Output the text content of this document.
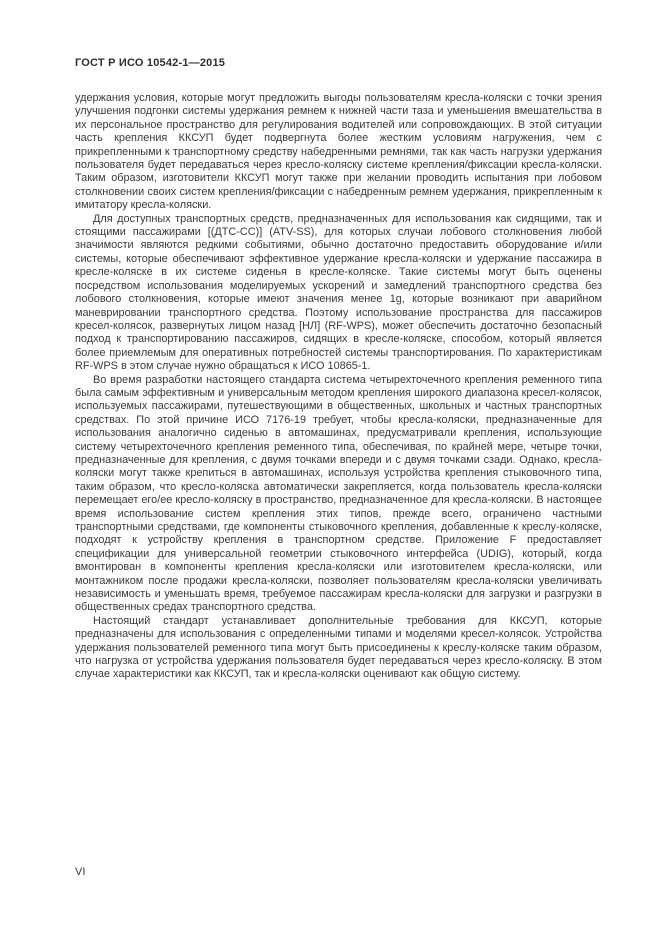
ГОСТ Р ИСО 10542-1—2015

удержания условия, которые могут предложить выгоды пользователям кресла-коляски с точки зрения улучшения подгонки системы удержания ремнем к нижней части таза и уменьшения вмешательства в их персональное пространство для регулирования водителей или сопровождающих. В этой ситуации часть крепления ККСУП будет подвергнута более жестким условиям нагружения, чем с прикрепленными к транспортному средству набедренными ремнями, так как часть нагрузки удержания пользователя будет передаваться через кресло-коляску системе крепления/фиксации кресла-коляски. Таким образом, изготовители ККСУП могут также при желании проводить испытания при лобовом столкновении своих систем крепления/фиксации с набедренным ремнем удержания, прикрепленным к имитатору кресла-коляски.

Для доступных транспортных средств, предназначенных для использования как сидящими, так и стоящими пассажирами [(ДТС-СС)] (ATV-SS), для которых случаи лобового столкновения любой значимости являются редкими событиями, обычно достаточно предоставить оборудование и/или системы, которые обеспечивают эффективное удержание кресла-коляски и удержание пассажира в кресле-коляске в их системе сиденья в кресле-коляске. Такие системы могут быть оценены посредством использования моделируемых ускорений и замедлений транспортного средства без лобового столкновения, которые имеют значения менее 1g, которые возникают при аварийном маневрировании транспортного средства. Поэтому использование пространства для пассажиров кресел-колясок, развернутых лицом назад [НЛ] (RF-WPS), может обеспечить достаточно безопасный подход к транспортированию пассажиров, сидящих в кресле-коляске, способом, который является более приемлемым для оперативных потребностей системы транспортирования. По характеристикам RF-WPS в этом случае нужно обращаться к ИСО 10865-1.

Во время разработки настоящего стандарта система четырехточечного крепления ременного типа была самым эффективным и универсальным методом крепления широкого диапазона кресел-колясок, используемых пассажирами, путешествующими в общественных, школьных и частных транспортных средствах. По этой причине ИСО 7176-19 требует, чтобы кресла-коляски, предназначенные для использования аналогично сиденью в автомашинах, предусматривали крепления, использующие систему четырехточечного крепления ременного типа, обеспечивая, по крайней мере, четыре точки, предназначенные для крепления, с двумя точками впереди и с двумя точками сзади. Однако, кресла-коляски могут также крепиться в автомашинах, используя устройства крепления стыковочного типа, таким образом, что кресло-коляска автоматически закрепляется, когда пользователь кресла-коляски перемещает его/ее кресло-коляску в пространство, предназначенное для кресла-коляски. В настоящее время использование систем крепления этих типов, прежде всего, ограничено частными транспортными средствами, где компоненты стыковочного крепления, добавленные к креслу-коляске, подходят к устройству крепления в транспортном средстве. Приложение F предоставляет спецификации для универсальной геометрии стыковочного интерфейса (UDIG), который, когда вмонтирован в компоненты крепления кресла-коляски или изготовителем кресла-коляски, или монтажником после продажи кресла-коляски, позволяет пользователям кресла-коляски увеличивать независимость и уменьшать время, требуемое пассажирам кресла-коляски для загрузки и разгрузки в общественных средах транспортного средства.

Настоящий стандарт устанавливает дополнительные требования для ККСУП, которые предназначены для использования с определенными типами и моделями кресел-колясок. Устройства удержания пользователей ременного типа могут быть присоединены к креслу-коляске таким образом, что нагрузка от устройства удержания пользователя будет передаваться через кресло-коляску. В этом случае характеристики как ККСУП, так и кресла-коляски оценивают как общую систему.

VI
